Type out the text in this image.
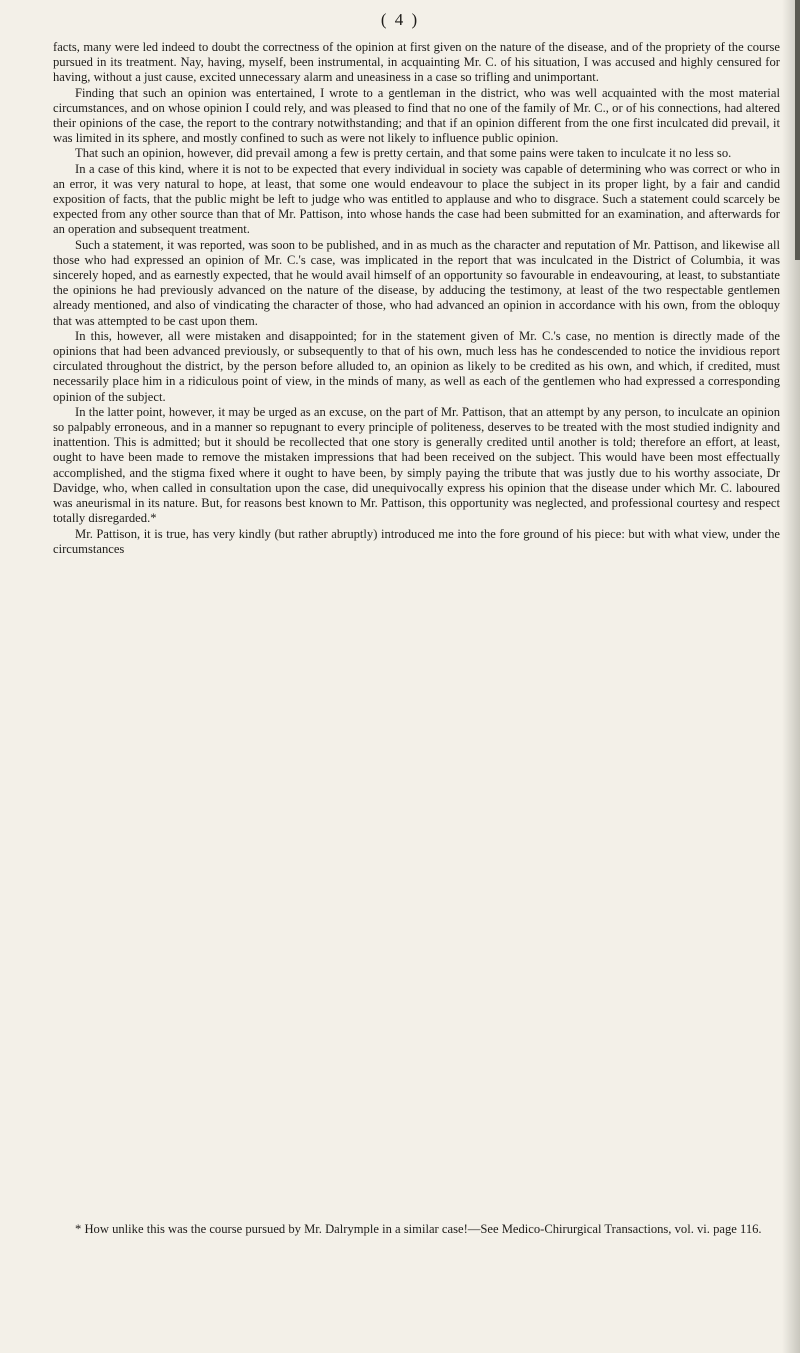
( 4 )

facts, many were led indeed to doubt the correctness of the opinion at first given on the nature of the disease, and of the propriety of the course pursued in its treatment. Nay, having, myself, been instrumental, in acquainting Mr. C. of his situation, I was accused and highly censured for having, without a just cause, excited unnecessary alarm and uneasiness in a case so trifling and unimportant.

Finding that such an opinion was entertained, I wrote to a gentleman in the district, who was well acquainted with the most material circumstances, and on whose opinion I could rely, and was pleased to find that no one of the family of Mr. C., or of his connections, had altered their opinions of the case, the report to the contrary notwithstanding; and that if an opinion different from the one first inculcated did prevail, it was limited in its sphere, and mostly confined to such as were not likely to influence public opinion.

That such an opinion, however, did prevail among a few is pretty certain, and that some pains were taken to inculcate it no less so.

In a case of this kind, where it is not to be expected that every individual in society was capable of determining who was correct or who in an error, it was very natural to hope, at least, that some one would endeavour to place the subject in its proper light, by a fair and candid exposition of facts, that the public might be left to judge who was entitled to applause and who to disgrace. Such a statement could scarcely be expected from any other source than that of Mr. Pattison, into whose hands the case had been submitted for an examination, and afterwards for an operation and subsequent treatment.

Such a statement, it was reported, was soon to be published, and in as much as the character and reputation of Mr. Pattison, and likewise all those who had expressed an opinion of Mr. C.'s case, was implicated in the report that was inculcated in the District of Columbia, it was sincerely hoped, and as earnestly expected, that he would avail himself of an opportunity so favourable in endeavouring, at least, to substantiate the opinions he had previously advanced on the nature of the disease, by adducing the testimony, at least of the two respectable gentlemen already mentioned, and also of vindicating the character of those, who had advanced an opinion in accordance with his own, from the obloquy that was attempted to be cast upon them.

In this, however, all were mistaken and disappointed; for in the statement given of Mr. C.'s case, no mention is directly made of the opinions that had been advanced previously, or subsequently to that of his own, much less has he condescended to notice the invidious report circulated throughout the district, by the person before alluded to, an opinion as likely to be credited as his own, and which, if credited, must necessarily place him in a ridiculous point of view, in the minds of many, as well as each of the gentlemen who had expressed a corresponding opinion of the subject.

In the latter point, however, it may be urged as an excuse, on the part of Mr. Pattison, that an attempt by any person, to inculcate an opinion so palpably erroneous, and in a manner so repugnant to every principle of politeness, deserves to be treated with the most studied indignity and inattention. This is admitted; but it should be recollected that one story is generally credited until another is told; therefore an effort, at least, ought to have been made to remove the mistaken impressions that had been received on the subject. This would have been most effectually accomplished, and the stigma fixed where it ought to have been, by simply paying the tribute that was justly due to his worthy associate, Dr Davidge, who, when called in consultation upon the case, did unequivocally express his opinion that the disease under which Mr. C. laboured was aneurismal in its nature. But, for reasons best known to Mr. Pattison, this opportunity was neglected, and professional courtesy and respect totally disregarded.*

Mr. Pattison, it is true, has very kindly (but rather abruptly) introduced me into the fore ground of his piece: but with what view, under the circumstances

* How unlike this was the course pursued by Mr. Dalrymple in a similar case!—See Medico-Chirurgical Transactions, vol. vi. page 116.
